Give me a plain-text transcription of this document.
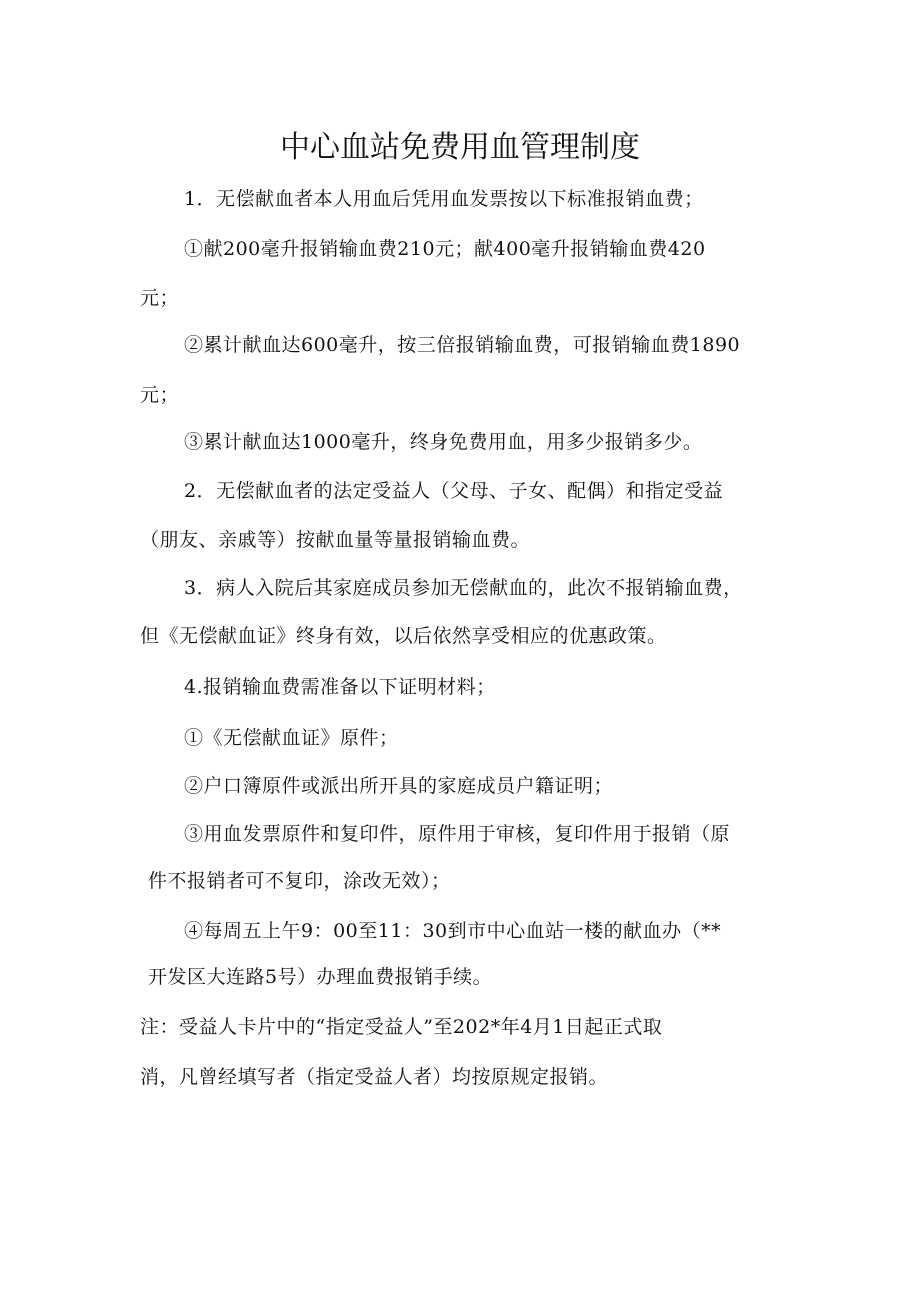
中心血站免费用血管理制度
1．无偿献血者本人用血后凭用血发票按以下标准报销血费；
①献200毫升报销输血费210元；献400毫升报销输血费420
元；
②累计献血达600毫升，按三倍报销输血费，可报销输血费1890
元；
③累计献血达1000毫升，终身免费用血，用多少报销多少。
2．无偿献血者的法定受益人（父母、子女、配偶）和指定受益
（朋友、亲戚等）按献血量等量报销输血费。
3．病人入院后其家庭成员参加无偿献血的，此次不报销输血费，
但《无偿献血证》终身有效，以后依然享受相应的优惠政策。
4.报销输血费需准备以下证明材料；
①《无偿献血证》原件；
②户口簿原件或派出所开具的家庭成员户籍证明；
③用血发票原件和复印件，原件用于审核，复印件用于报销（原
件不报销者可不复印，涂改无效）；
④每周五上午9：00至11：30到市中心血站一楼的献血办（**
开发区大连路5号）办理血费报销手续。
注：受益人卡片中的“指定受益人”至202*年4月1日起正式取
消，凡曾经填写者（指定受益人者）均按原规定报销。
